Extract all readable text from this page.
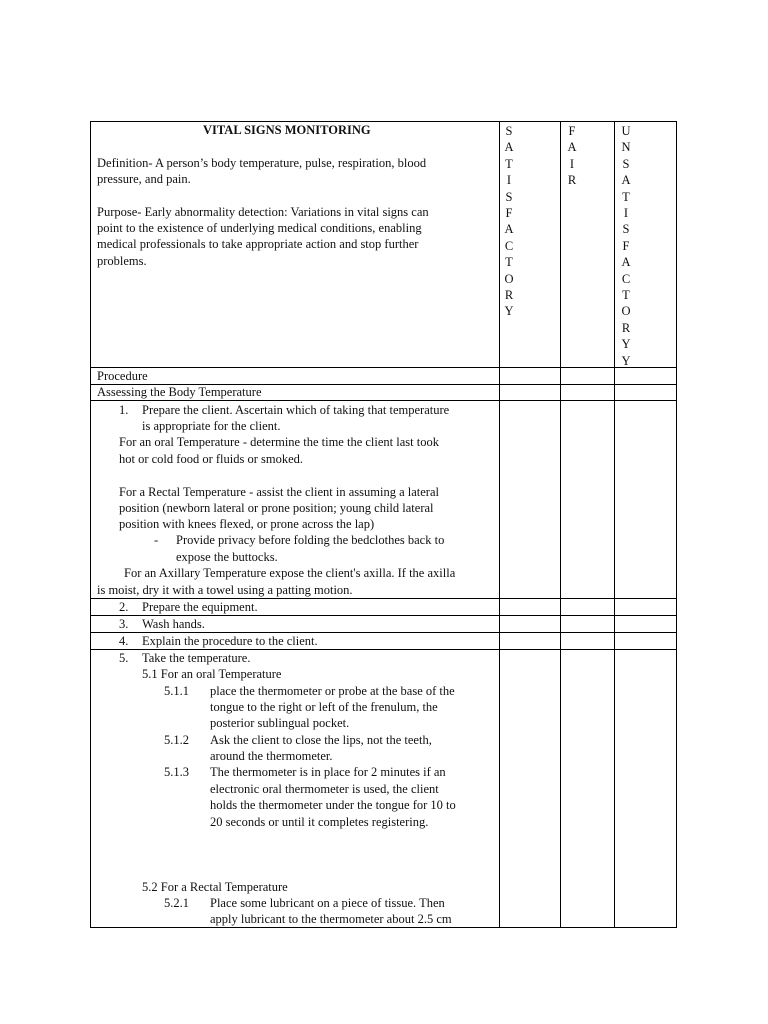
VITAL SIGNS MONITORING
Definition- A person’s body temperature, pulse, respiration, blood
pressure, and pain.
Purpose- Early abnormality detection: Variations in vital signs can
point to the existence of underlying medical conditions, enabling
medical professionals to take appropriate action and stop further
problems.
S
A
T
I
S
F
A
C
T
O
R
Y
F
A
I
R
U
N
S
A
T
I
S
F
A
C
T
O
R
Y
Y
Procedure
Assessing the Body Temperature
1. Prepare the client. Ascertain which of taking that temperature
is appropriate for the client.
For an oral Temperature - determine the time the client last took
hot or cold food or fluids or smoked.
For a Rectal Temperature - assist the client in assuming a lateral
position (newborn lateral or prone position; young child lateral
position with knees flexed, or prone across the lap)
- Provide privacy before folding the bedclothes back to
expose the buttocks.
For an Axillary Temperature expose the client's axilla. If the axilla
is moist, dry it with a towel using a patting motion.
2. Prepare the equipment.
3. Wash hands.
4. Explain the procedure to the client.
5. Take the temperature.
5.1 For an oral Temperature
5.1.1 place the thermometer or probe at the base of the
tongue to the right or left of the frenulum, the
posterior sublingual pocket.
5.1.2 Ask the client to close the lips, not the teeth,
around the thermometer.
5.1.3 The thermometer is in place for 2 minutes if an
electronic oral thermometer is used, the client
holds the thermometer under the tongue for 10 to
20 seconds or until it completes registering.
5.2 For a Rectal Temperature
5.2.1 Place some lubricant on a piece of tissue. Then
apply lubricant to the thermometer about 2.5 cm
